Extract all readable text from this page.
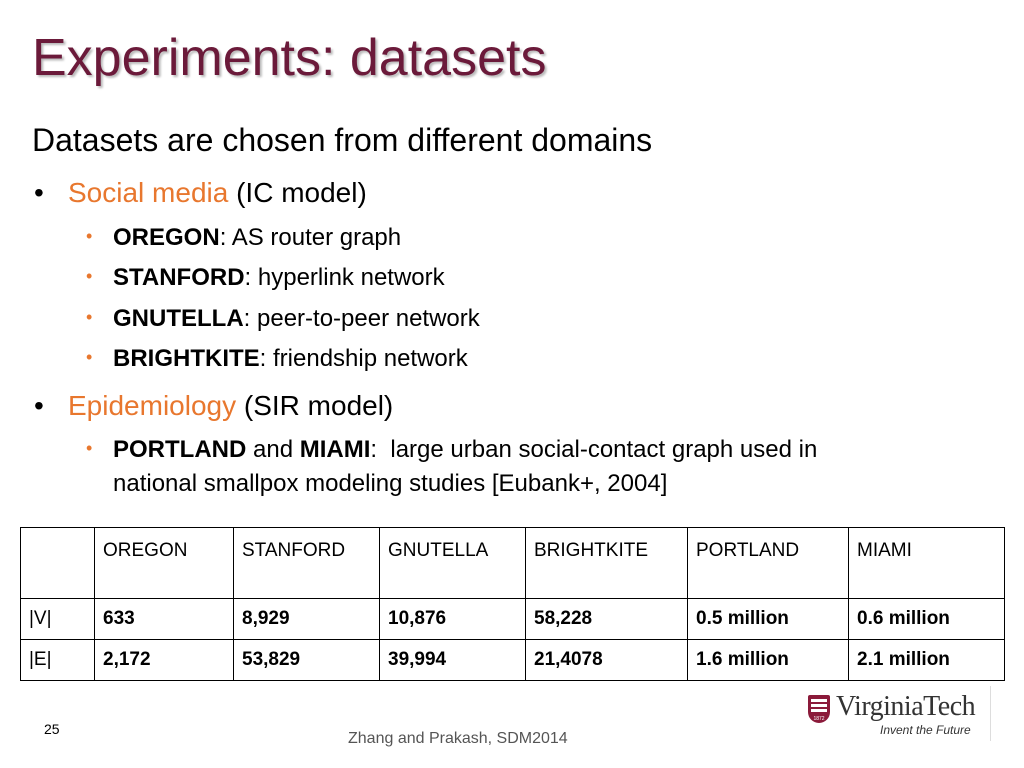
Experiments: datasets
Datasets are chosen from different domains
• Social media (IC model)
• OREGON: AS router graph
• STANFORD: hyperlink network
• GNUTELLA: peer-to-peer network
• BRIGHTKITE: friendship network
• Epidemiology (SIR model)
• PORTLAND and MIAMI:  large urban social-contact graph used in
national smallpox modeling studies [Eubank+, 2004]
	OREGON	STANFORD	GNUTELLA	BRIGHTKITE	PORTLAND	MIAMI
|V|	633	8,929	10,876	58,228	0.5 million	0.6 million
|E|	2,172	53,829	39,994	21,4078	1.6 million	2.1 million
25
Zhang and Prakash, SDM2014
1872 VirginiaTech
Invent the Future
